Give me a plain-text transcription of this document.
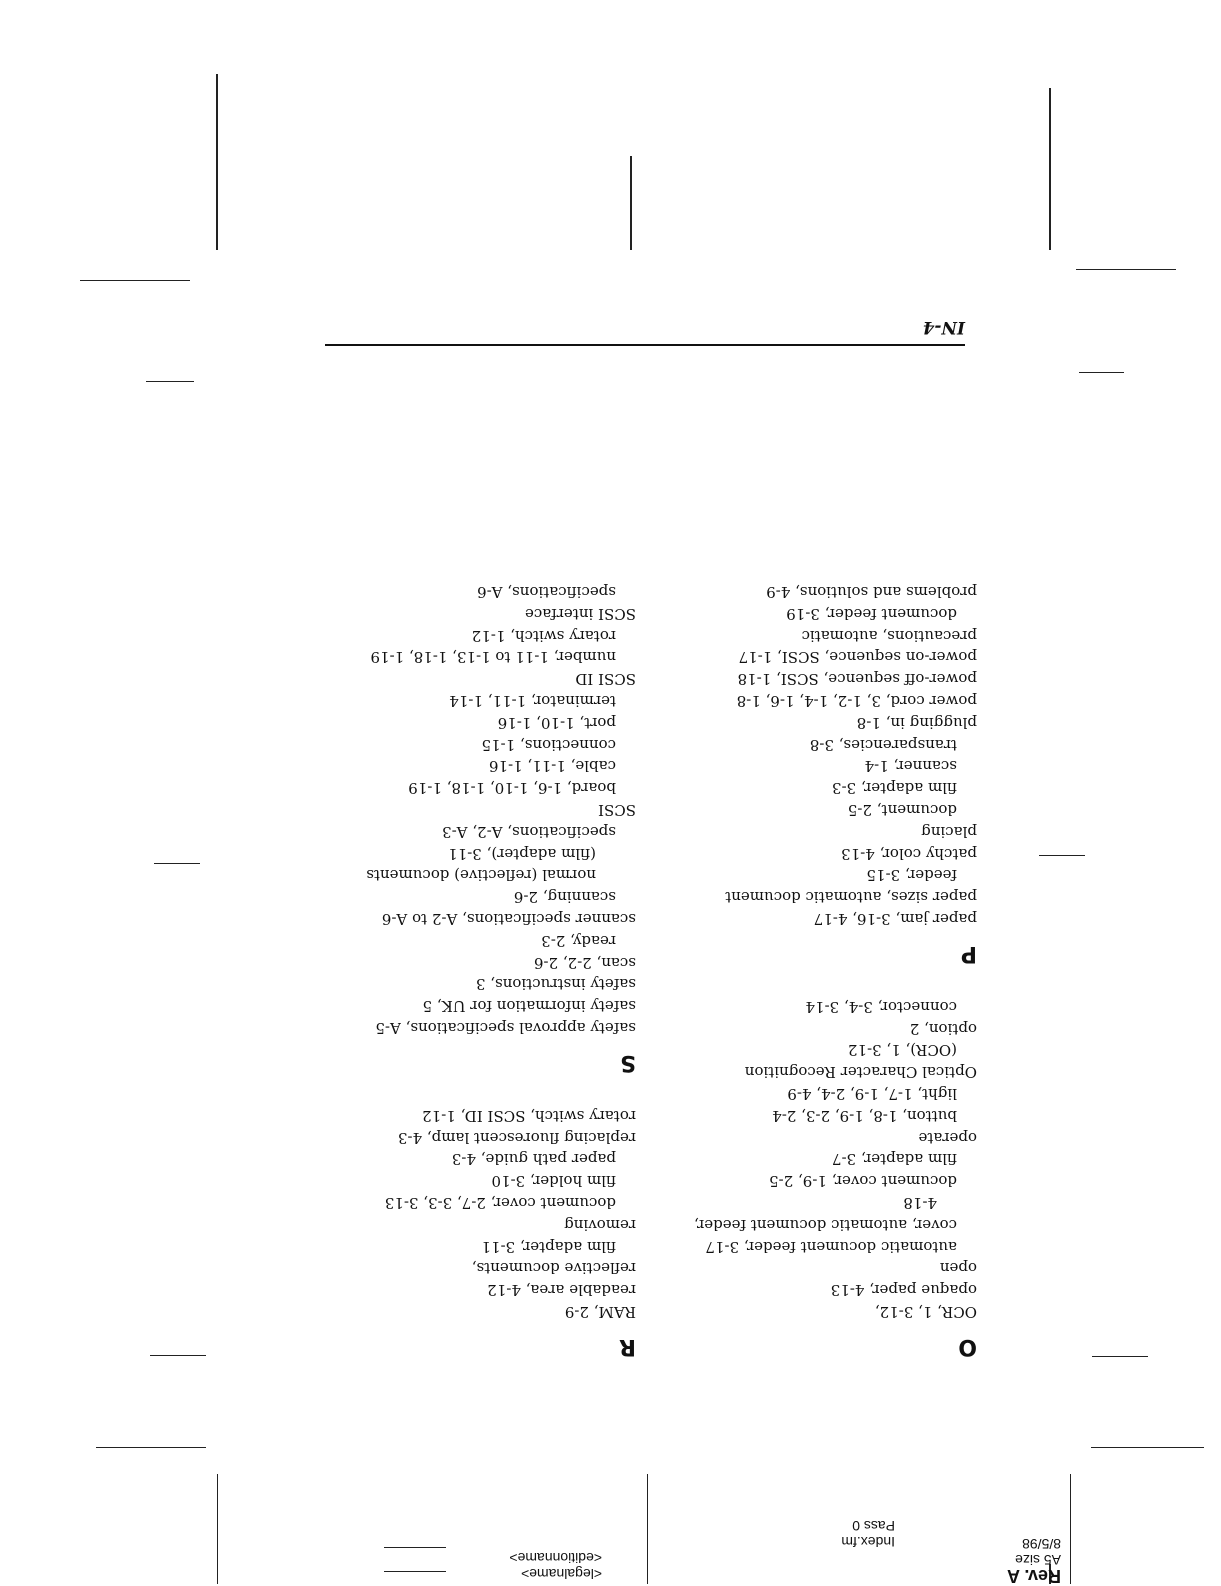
IN-4
O
OCR, 1, 3-12,
opaque paper, 4-13
open
automatic document feeder, 3-17
cover, automatic document feeder,
4-18
document cover, 1-9, 2-5
film adapter, 3-7
operate
button, 1-8, 1-9, 2-3, 2-4
light, 1-7, 1-9, 2-4, 4-9
Optical Character Recognition
(OCR), 1, 3-12
option, 2
connector, 3-4, 3-14
P
paper jam, 3-16, 4-17
paper sizes, automatic document
feeder, 3-15
patchy color, 4-13
placing
document, 2-5
film adapter, 3-3
scanner, 1-4
transparencies, 3-8
plugging in, 1-8
power cord, 3, 1-2, 1-4, 1-6, 1-8
power-off sequence, SCSI, 1-18
power-on sequence, SCSI, 1-17
precautions, automatic
document feeder, 3-19
problems and solutions, 4-9
R
RAM, 2-9
readable area, 4-12
reflective documents,
film adapter, 3-11
removing
document cover, 2-7, 3-3, 3-13
film holder, 3-10
paper path guide, 4-3
replacing fluorescent lamp, 4-3
rotary switch, SCSI ID, 1-12
S
safety approval specifications, A-5
safety information for UK, 5
safety instructions, 3
scan, 2-2, 2-6
ready, 2-3
scanner specifications, A-2 to A-6
scanning, 2-6
normal (reflective) documents
(film adapter), 3-11
specifications, A-2, A-3
SCSI
board, 1-6, 1-10, 1-18, 1-19
cable, 1-11, 1-16
connections, 1-15
port, 1-10, 1-16
terminator, 1-11, 1-14
SCSI ID
number, 1-11 to 1-13, 1-18, 1-19
rotary switch, 1-12
SCSI interface
specifications, A-6
Rev. A
A5 size
8/5/98
Index.fm
Pass 0
<legalname>
<editionname>
